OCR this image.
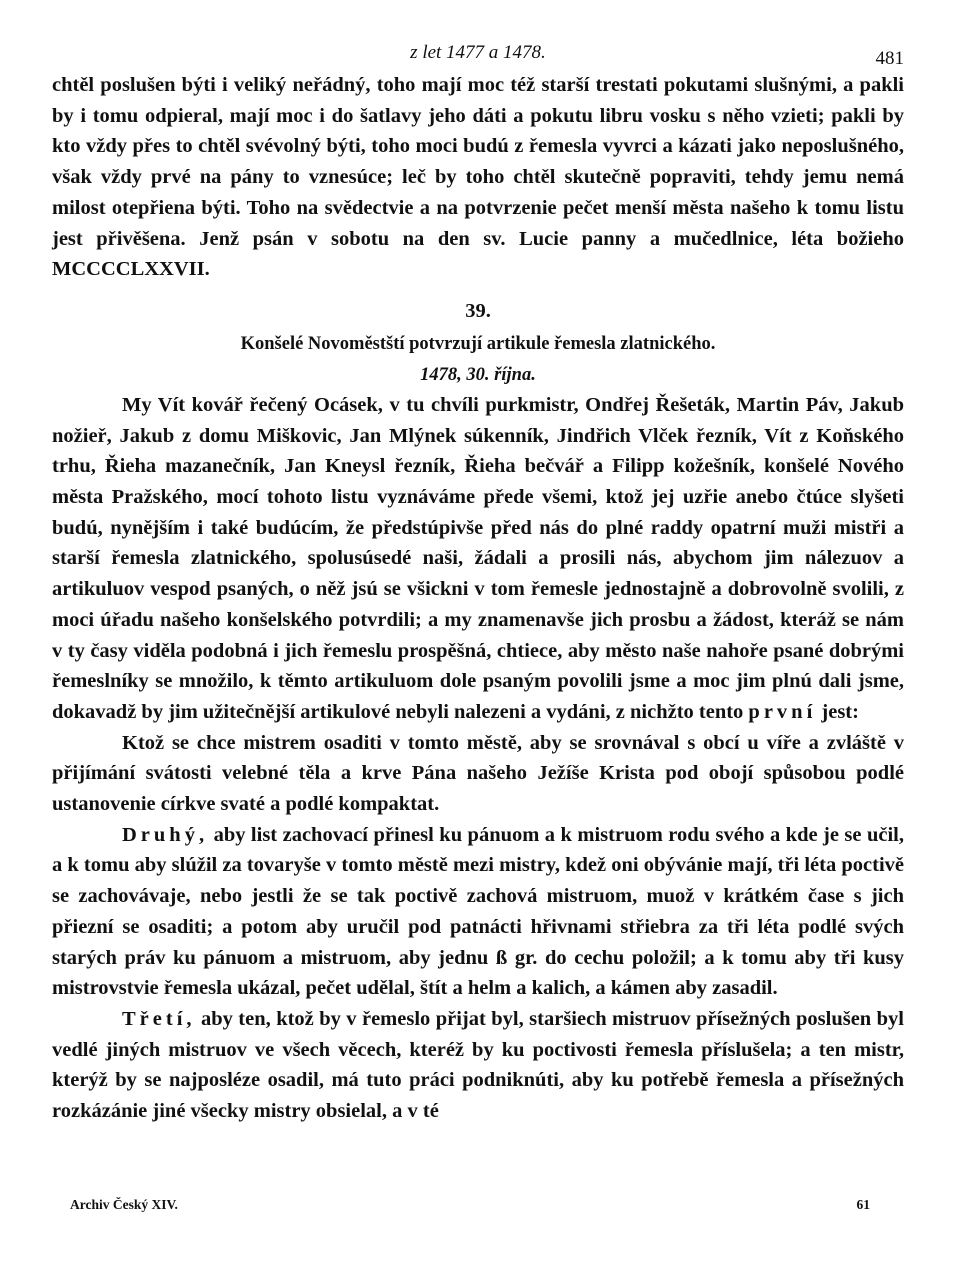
z let 1477 a 1478.	481

chtěl poslušen býti i veliký neřádný, toho mají moc též starší trestati pokutami slušnými, a pakli by i tomu odpieral, mají moc i do šatlavy jeho dáti a pokutu libru vosku s něho vzieti; pakli by kto vždy přes to chtěl svévolný býti, toho moci budú z řemesla vyvrci a kázati jako neposlušného, však vždy prvé na pány to vznesúce; leč by toho chtěl skutečně popraviti, tehdy jemu nemá milost otepřiena býti. Toho na svědectvie a na potvrzenie pečet menší města našeho k tomu listu jest přivěšena. Jenž psán v sobotu na den sv. Lucie panny a mučedlnice, léta božieho MCCCCLXXVII.

39.
Konšelé Novoměstští potvrzují artikule řemesla zlatnického.
1478, 30. října.

My Vít kovář řečený Ocásek, v tu chvíli purkmistr, Ondřej Řešeták, Martin Páv, Jakub nožieř, Jakub z domu Miškovic, Jan Mlýnek súkenník, Jindřich Vlček řezník, Vít z Koňského trhu, Řieha mazanečník, Jan Kneysl řezník, Řieha bečvář a Filipp kožešník, konšelé Nového města Pražského, mocí tohoto listu vyznáváme přede všemi, ktož jej uzřie anebo čtúce slyšeti budú, nynějším i také budúcím, že předstúpivše před nás do plné raddy opatrní muži mistři a starší řemesla zlatnického, spolusúsedé naši, žádali a prosili nás, abychom jim nálezuov a artikuluov vespod psaných, o něž jsú se všickni v tom řemesle jednostajně a dobrovolně svolili, z moci úřadu našeho konšelského potvrdili; a my znamenavše jich prosbu a žádost, kteráž se nám v ty časy viděla podobná i jich řemeslu prospěšná, chtiece, aby město naše nahoře psané dobrými řemeslníky se množilo, k těmto artikuluom dole psaným povolili jsme a moc jim plnú dali jsme, dokavadž by jim užitečnější artikulové nebyli nalezeni a vydáni, z nichžto tento první jest:

Ktož se chce mistrem osaditi v tomto městě, aby se srovnával s obcí u víře a zvláště v přijímání svátosti velebné těla a krve Pána našeho Ježíše Krista pod obojí spůsobou podlé ustanovenie církve svaté a podlé kompaktat.

Druhý, aby list zachovací přinesl ku pánuom a k mistruom rodu svého a kde je se učil, a k tomu aby slúžil za tovaryše v tomto městě mezi mistry, kdež oni obývánie mají, tři léta poctivě se zachovávaje, nebo jestli že se tak poctivě zachová mistruom, muož v krátkém čase s jich přiezní se osaditi; a potom aby uručil pod patnácti hřivnami střiebra za tři léta podlé svých starých práv ku pánuom a mistruom, aby jednu ß gr. do cechu položil; a k tomu aby tři kusy mistrovstvie řemesla ukázal, pečet udělal, štít a helm a kalich, a kámen aby zasadil.

Třetí, aby ten, ktož by v řemeslo přijat byl, staršiech mistruov přísežných poslušen byl vedlé jiných mistruov ve všech věcech, kteréž by ku poctivosti řemesla příslušela; a ten mistr, kterýž by se najposléze osadil, má tuto práci podniknúti, aby ku potřebě řemesla a přísežných rozkázánie jiné všecky mistry obsielal, a v té

Archiv Český XIV.	61
